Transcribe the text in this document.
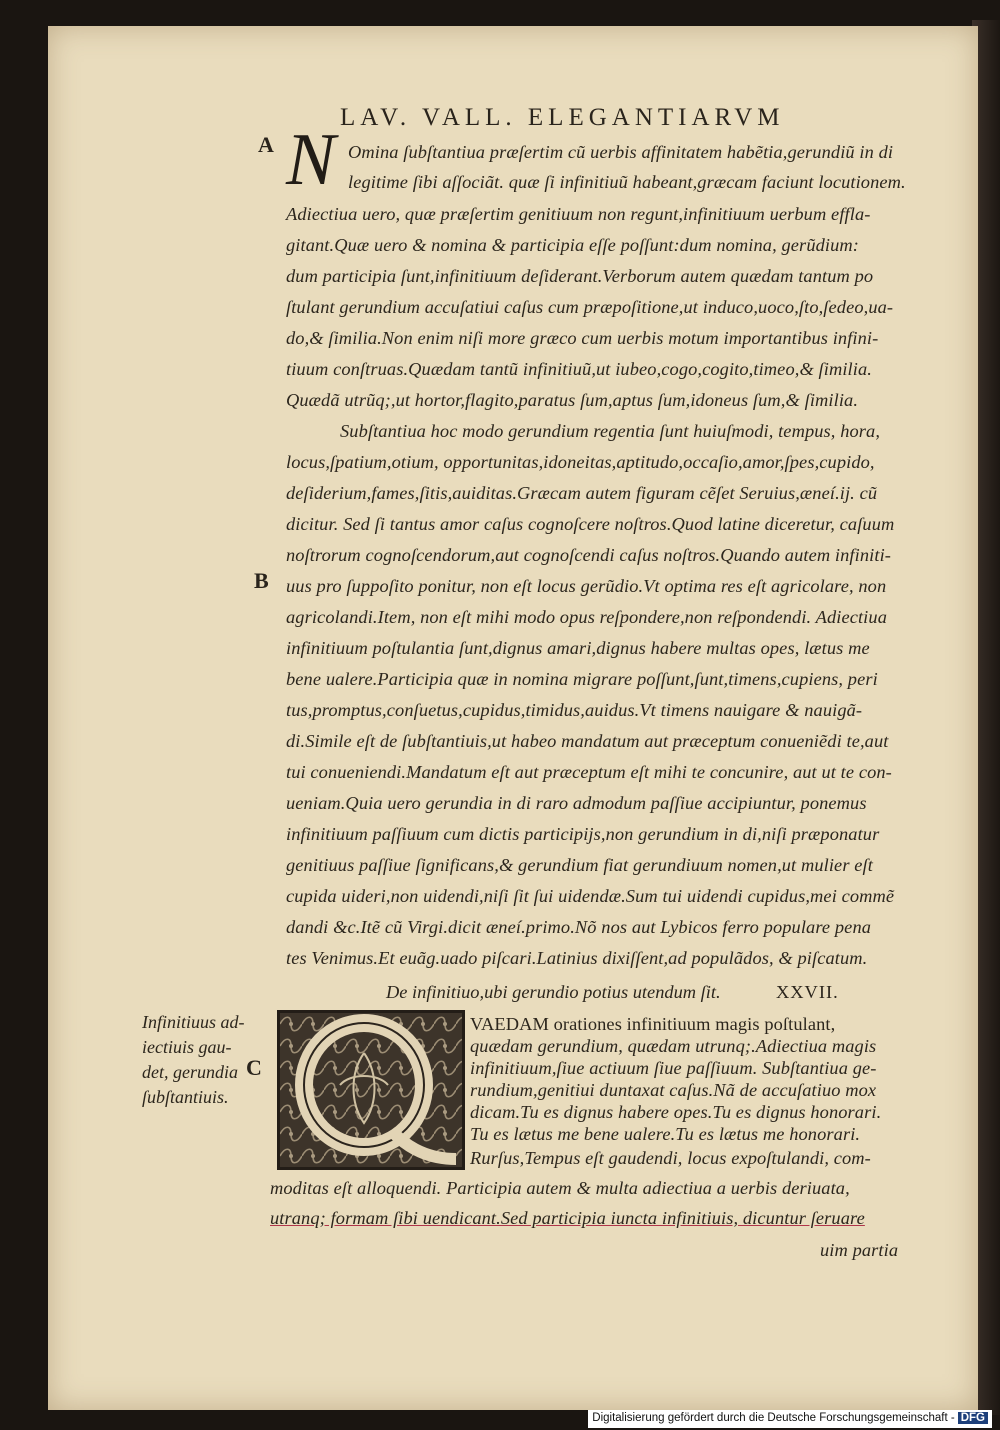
LAV. VALL. ELEGANTIARVM
A
B
C
N Omina ſubſtantiua præſertim cũ uerbis affinitatem habẽtia,gerundiũ in di
legitime ſibi aſſociãt. quæ ſi infinitiuũ habeant,græcam faciunt locutionem.
Adiectiua uero, quæ præſertim genitiuum non regunt,infinitiuum uerbum effla-
gitant.Quæ uero & nomina & participia eſſe poſſunt:dum nomina, gerũdium:
dum participia ſunt,infinitiuum deſiderant.Verborum autem quædam tantum po
ſtulant gerundium accuſatiui caſus cum præpoſitione,ut induco,uoco,ſto,ſedeo,ua-
do,& ſimilia.Non enim niſi more græco cum uerbis motum importantibus infini-
tiuum conſtruas.Quædam tantũ infinitiuũ,ut iubeo,cogo,cogito,timeo,& ſimilia.
Quædã utrũq;,ut hortor,flagito,paratus ſum,aptus ſum,idoneus ſum,& ſimilia.
Subſtantiua hoc modo gerundium regentia ſunt huiuſmodi, tempus, hora,
locus,ſpatium,otium, opportunitas,idoneitas,aptitudo,occaſio,amor,ſpes,cupido,
deſiderium,fames,ſitis,auiditas.Græcam autem figuram cẽſet Seruius,æneí.ij. cũ
dicitur. Sed ſi tantus amor caſus cognoſcere noſtros.Quod latine diceretur, caſuum
noſtrorum cognoſcendorum,aut cognoſcendi caſus noſtros.Quando autem infiniti-
uus pro ſuppoſito ponitur, non eſt locus gerũdio.Vt optima res eſt agricolare, non
agricolandi.Item, non eſt mihi modo opus reſpondere,non reſpondendi. Adiectiua
infinitiuum poſtulantia ſunt,dignus amari,dignus habere multas opes, lætus me
bene ualere.Participia quæ in nomina migrare poſſunt,ſunt,timens,cupiens, peri
tus,promptus,conſuetus,cupidus,timidus,auidus.Vt timens nauigare & nauigã-
di.Simile eſt de ſubſtantiuis,ut habeo mandatum aut præceptum conueniẽdi te,aut
tui conueniendi.Mandatum eſt aut præceptum eſt mihi te concunire, aut ut te con-
ueniam.Quia uero gerundia in di raro admodum paſſiue accipiuntur, ponemus
infinitiuum paſſiuum cum dictis participijs,non gerundium in di,niſi præponatur
genitiuus paſſiue ſignificans,& gerundium fiat gerundiuum nomen,ut mulier eſt
cupida uideri,non uidendi,niſi ſit ſui uidendæ.Sum tui uidendi cupidus,mei commẽ
dandi &c.Itẽ cũ Virgi.dicit æneí.primo.Nõ nos aut Lybicos ferro populare pena
tes Venimus.Et euãg.uado piſcari.Latinius dixiſſent,ad populãdos, & piſcatum.
De infinitiuo,ubi gerundio potius utendum ſit.	XXVII.
Infinitiuus ad-
iectiuis gau-
det, gerundia
ſubſtantiuis.
VAEDAM orationes infinitiuum magis poſtulant,
quædam gerundium, quædam utrunq;.Adiectiua magis
infinitiuum,ſiue actiuum ſiue paſſiuum. Subſtantiua ge-
rundium,genitiui duntaxat caſus.Nã de accuſatiuo mox
dicam.Tu es dignus habere opes.Tu es dignus honorari.
Tu es lætus me bene ualere.Tu es lætus me honorari.
Rurſus,Tempus eſt gaudendi, locus expoſtulandi, com-
moditas eſt alloquendi. Participia autem & multa adiectiua a uerbis deriuata,
utranq; formam ſibi uendicant.Sed participia iuncta infinitiuis, dicuntur ſeruare
uim partia
Digitalisierung gefördert durch die Deutsche Forschungsgemeinschaft - DFG
